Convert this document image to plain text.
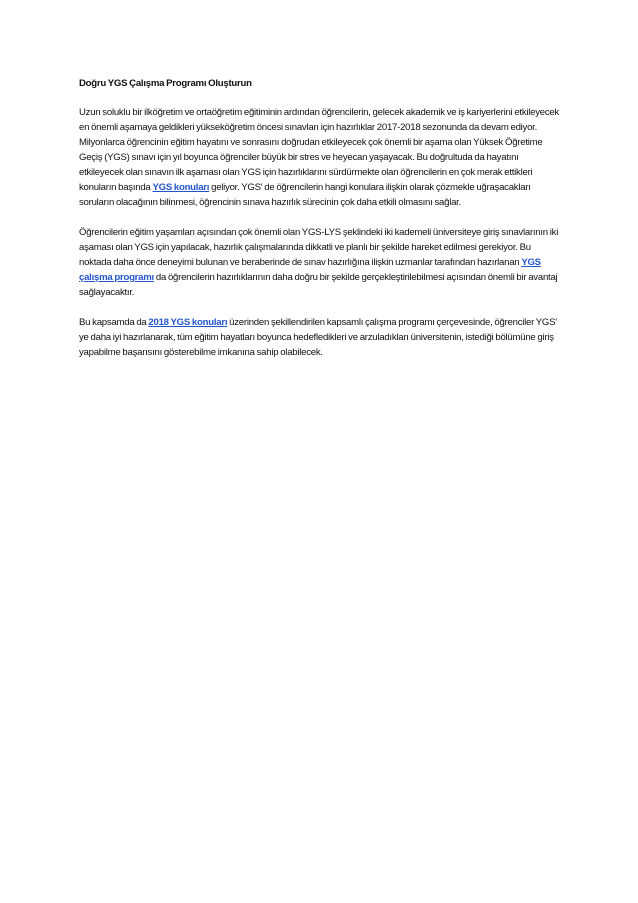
Doğru YGS Çalışma Programı Oluşturun

Uzun soluklu bir ilköğretim ve ortaöğretim eğitiminin ardından öğrencilerin, gelecek akademik ve iş kariyerlerini etkileyecek en önemli aşamaya geldikleri yükseköğretim öncesi sınavları için hazırlıklar 2017-2018 sezonunda da devam ediyor. Milyonlarca öğrencinin eğitim hayatını ve sonrasını doğrudan etkileyecek çok önemli bir aşama olan Yüksek Öğretime Geçiş (YGS) sınavı için yıl boyunca öğrenciler büyük bir stres ve heyecan yaşayacak. Bu doğrultuda da hayatını etkileyecek olan sınavın ilk aşaması olan YGS için hazırlıklarını sürdürmekte olan öğrencilerin en çok merak ettikleri konuların başında YGS konuları geliyor. YGS' de öğrencilerin hangi konulara ilişkin olarak çözmekle uğraşacakları soruların olacağının bilinmesi, öğrencinin sınava hazırlık sürecinin çok daha etkili olmasını sağlar.

Öğrencilerin eğitim yaşamları açısından çok önemli olan YGS-LYS şeklindeki iki kademeli üniversiteye giriş sınavlarının iki aşaması olan YGS için yapılacak, hazırlık çalışmalarında dikkatli ve planlı bir şekilde hareket edilmesi gerekiyor. Bu noktada daha önce deneyimi bulunan ve beraberinde de sınav hazırlığına ilişkin uzmanlar tarafından hazırlanan YGS çalışma programı da öğrencilerin hazırlıklarının daha doğru bir şekilde gerçekleştirilebilmesi açısından önemli bir avantaj sağlayacaktır.

Bu kapsamda da 2018 YGS konuları üzerinden şekillendirilen kapsamlı çalışma programı çerçevesinde, öğrenciler YGS' ye daha iyi hazırlanarak, tüm eğitim hayatları boyunca hedefledikleri ve arzuladıkları üniversitenin, istediği bölümüne giriş yapabilme başarısını gösterebilme imkanına sahip olabilecek.
